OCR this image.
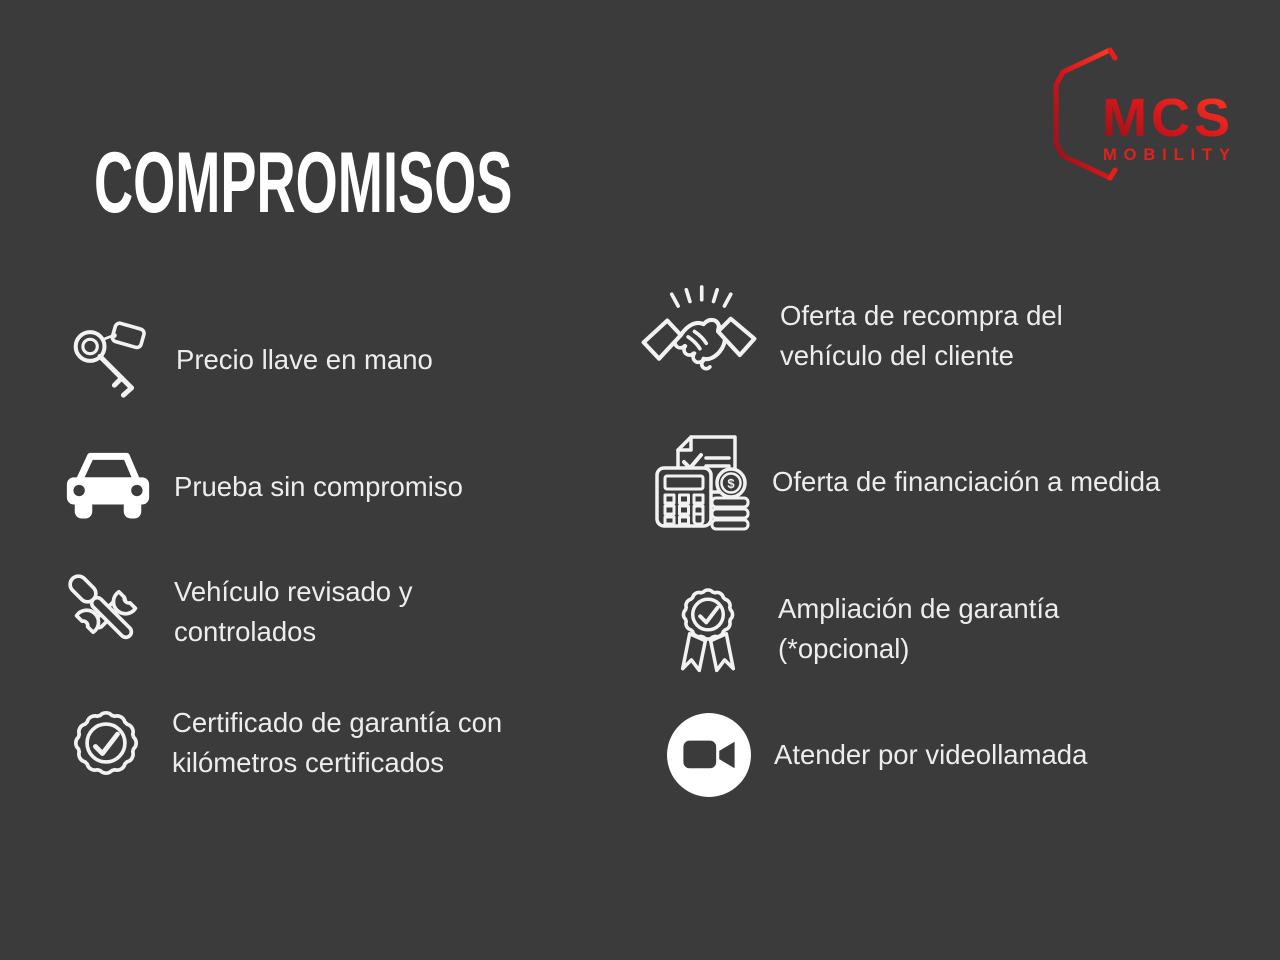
COMPROMISOS
MCS
MOBILITY
Precio llave en mano
Prueba sin compromiso
Vehículo revisado y controlados
Certificado de garantía con kilómetros certificados
Oferta de recompra del vehículo del cliente
$ Oferta de financiación a medida
Ampliación de garantía (*opcional)
Atender por videollamada
